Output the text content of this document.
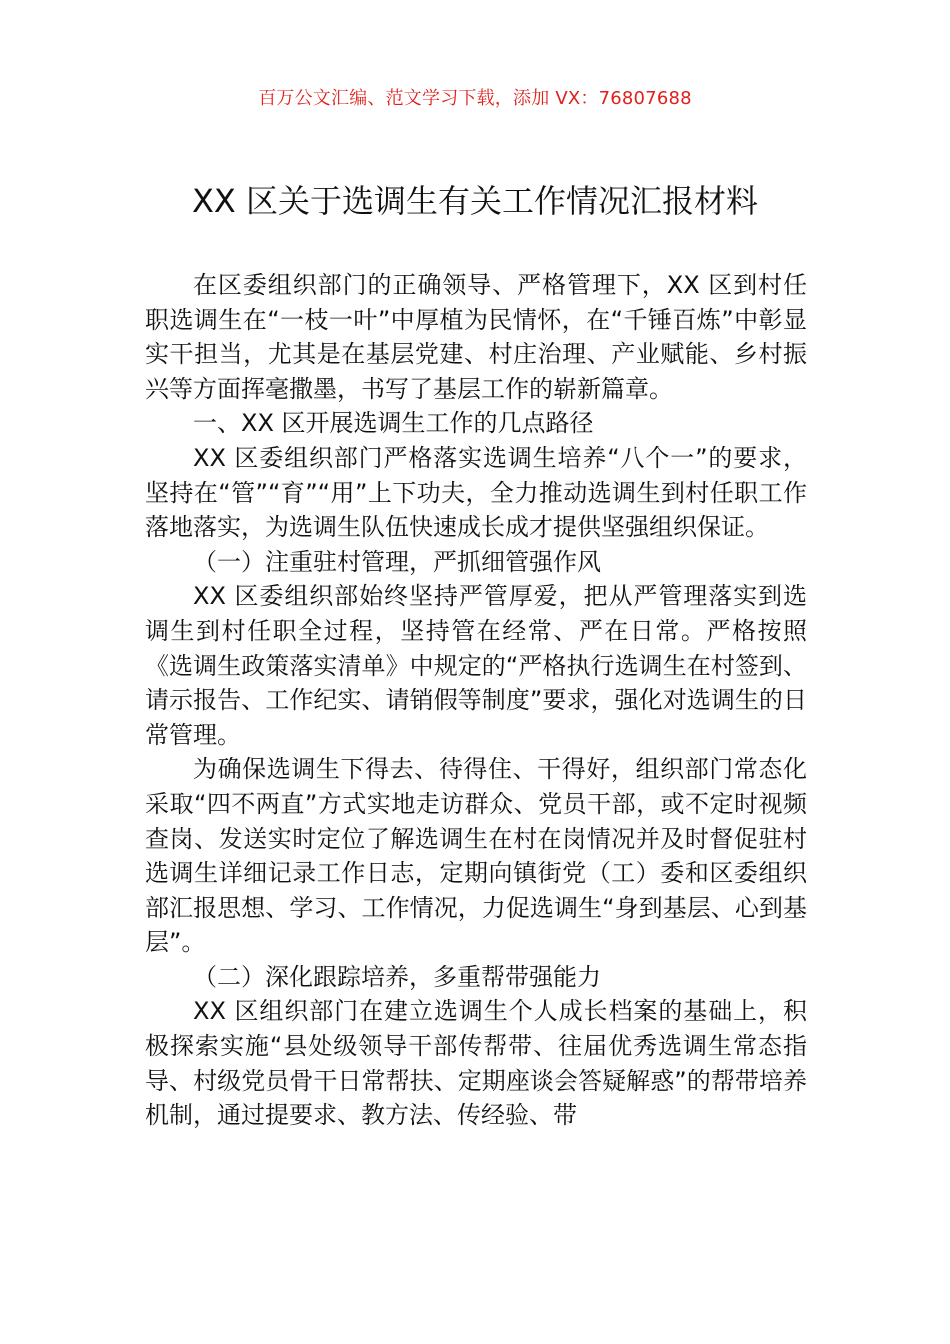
百万公文汇编、范文学习下载，添加 VX：76807688
XX 区关于选调生有关工作情况汇报材料

在区委组织部门的正确领导、严格管理下，XX 区到村任职选调生在“一枝一叶”中厚植为民情怀，在“千锤百炼”中彰显实干担当，尤其是在基层党建、村庄治理、产业赋能、乡村振兴等方面挥毫撒墨，书写了基层工作的崭新篇章。

一、XX 区开展选调生工作的几点路径

XX 区委组织部门严格落实选调生培养“八个一”的要求，坚持在“管”“育”“用”上下功夫，全力推动选调生到村任职工作落地落实，为选调生队伍快速成长成才提供坚强组织保证。

（一）注重驻村管理，严抓细管强作风

XX 区委组织部始终坚持严管厚爱，把从严管理落实到选调生到村任职全过程，坚持管在经常、严在日常。严格按照《选调生政策落实清单》中规定的“严格执行选调生在村签到、请示报告、工作纪实、请销假等制度”要求，强化对选调生的日常管理。

为确保选调生下得去、待得住、干得好，组织部门常态化采取“四不两直”方式实地走访群众、党员干部，或不定时视频查岗、发送实时定位了解选调生在村在岗情况并及时督促驻村选调生详细记录工作日志，定期向镇街党（工）委和区委组织部汇报思想、学习、工作情况，力促选调生“身到基层、心到基层”。

（二）深化跟踪培养，多重帮带强能力

XX 区组织部门在建立选调生个人成长档案的基础上，积极探索实施“县处级领导干部传帮带、往届优秀选调生常态指导、村级党员骨干日常帮扶、定期座谈会答疑解惑”的帮带培养机制，通过提要求、教方法、传经验、带
